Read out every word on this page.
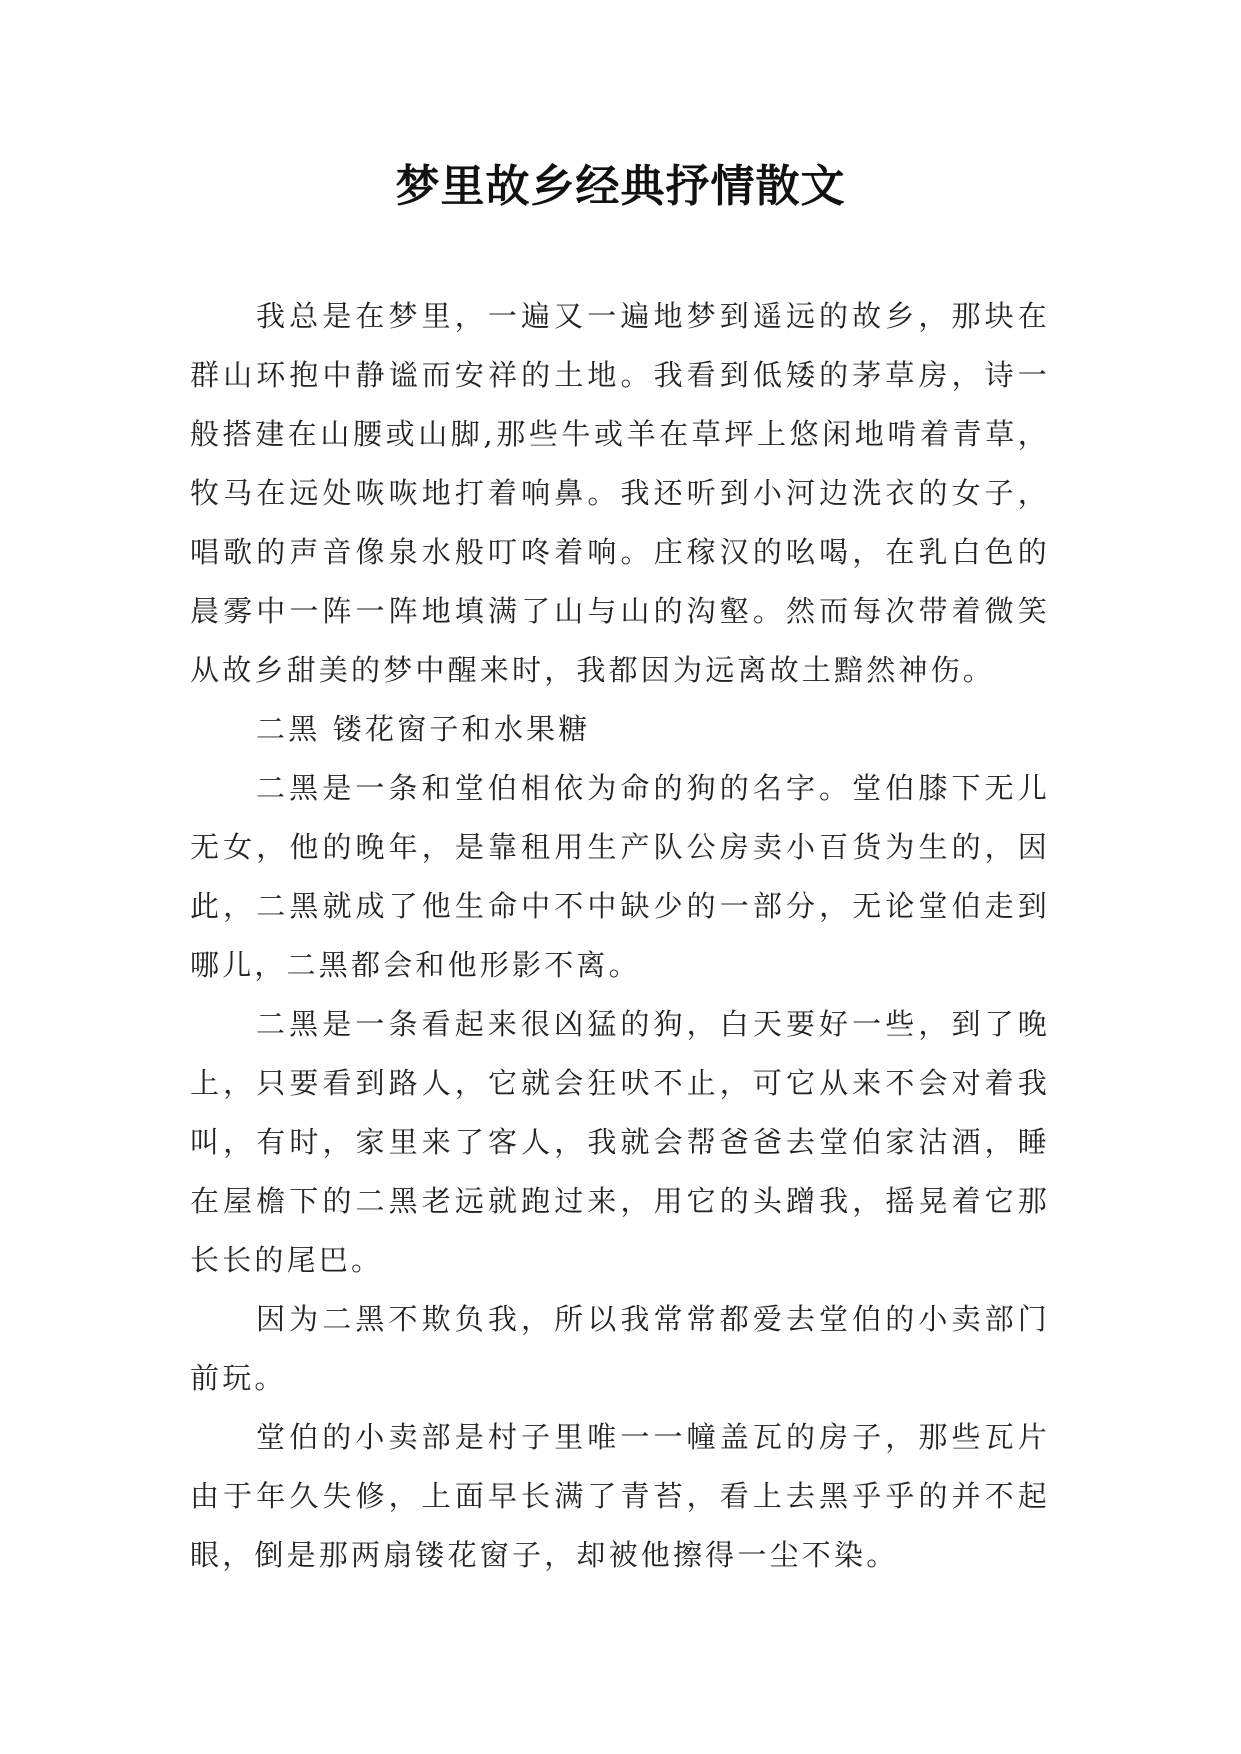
梦里故乡经典抒情散文

我总是在梦里，一遍又一遍地梦到遥远的故乡，那块在群山环抱中静谧而安祥的土地。我看到低矮的茅草房，诗一般搭建在山腰或山脚,那些牛或羊在草坪上悠闲地啃着青草，牧马在远处咴咴地打着响鼻。我还听到小河边洗衣的女子，唱歌的声音像泉水般叮咚着响。庄稼汉的吆喝，在乳白色的晨雾中一阵一阵地填满了山与山的沟壑。然而每次带着微笑从故乡甜美的梦中醒来时，我都因为远离故土黯然神伤。

二黑 镂花窗子和水果糖

二黑是一条和堂伯相依为命的狗的名字。堂伯膝下无儿无女，他的晚年，是靠租用生产队公房卖小百货为生的，因此，二黑就成了他生命中不中缺少的一部分，无论堂伯走到哪儿，二黑都会和他形影不离。

二黑是一条看起来很凶猛的狗，白天要好一些，到了晚上，只要看到路人，它就会狂吠不止，可它从来不会对着我叫，有时，家里来了客人，我就会帮爸爸去堂伯家沽酒，睡在屋檐下的二黑老远就跑过来，用它的头蹭我，摇晃着它那长长的尾巴。

因为二黑不欺负我，所以我常常都爱去堂伯的小卖部门前玩。

堂伯的小卖部是村子里唯一一幢盖瓦的房子，那些瓦片由于年久失修，上面早长满了青苔，看上去黑乎乎的并不起眼，倒是那两扇镂花窗子，却被他擦得一尘不染。
